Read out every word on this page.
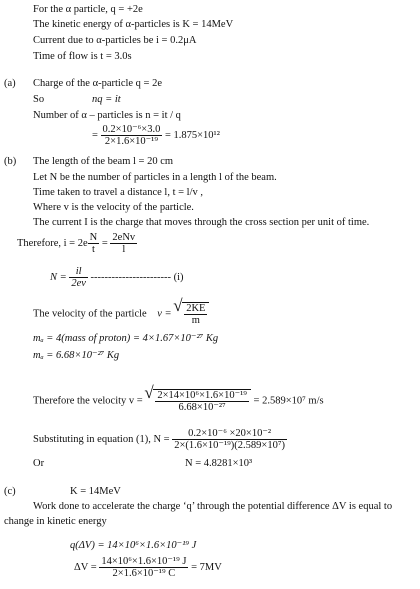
For the α particle, q = +2e
The kinetic energy of α-particles is K = 14MeV
Current due to α-particles be i = 0.2μA
Time of flow is t = 3.0s
(a) Charge of the α-particle q = 2e
So	nq = it
Number of α – particles is n = it / q
= $\frac{\text{0.2×10⁻⁶×3.0}}{\text{2×1.6×10⁻¹⁹}} = 1.875\times 10^{12}$
(b) The length of the beam l = 20 cm
Let N be the number of particles in a length l of the beam.
Time taken to travel a distance l, t = l/v ,
Where v is the velocity of the particle.
The current I is the charge that moves through the cross section per unit of time.
Therefore, $i = 2e \frac{N}{t} = \frac{\text{2eNv}}{l}$
$N = \frac{il}{2ev}$ ----------------------- (i)
The velocity of the particle v = √ $\frac{2KE}{m}$
mₐ = 4(mass of proton) = 4×1.67×10⁻²⁷ Kg
mₐ = 6.68×10⁻²⁷ Kg
Therefore the velocity v = √ $\frac{\text{2×14×10⁶×1.6×10⁻¹⁹}}{\text{6.68×10⁻²⁷}} = 2.589\times 10^7$ m/s
Substituting in equation (1), $N = \frac{\text{0.2×10⁻⁶ ×20×10⁻²}}{\text{2×(1.6×10⁻¹⁹)(2.589×10⁷)}}$
Or	N = 4.8281×10³
(c)	K = 14MeV
Work done to accelerate the charge ‘q’ through the potential difference ΔV is equal to
change in kinetic energy
q(ΔV) = 14×10⁶×1.6×10⁻¹⁹ J
$\Delta V = \frac{\text{14×10⁶×1.6×10⁻¹⁹ J}}{\text{2×1.6×10⁻¹⁹ C}} = 7MV$
